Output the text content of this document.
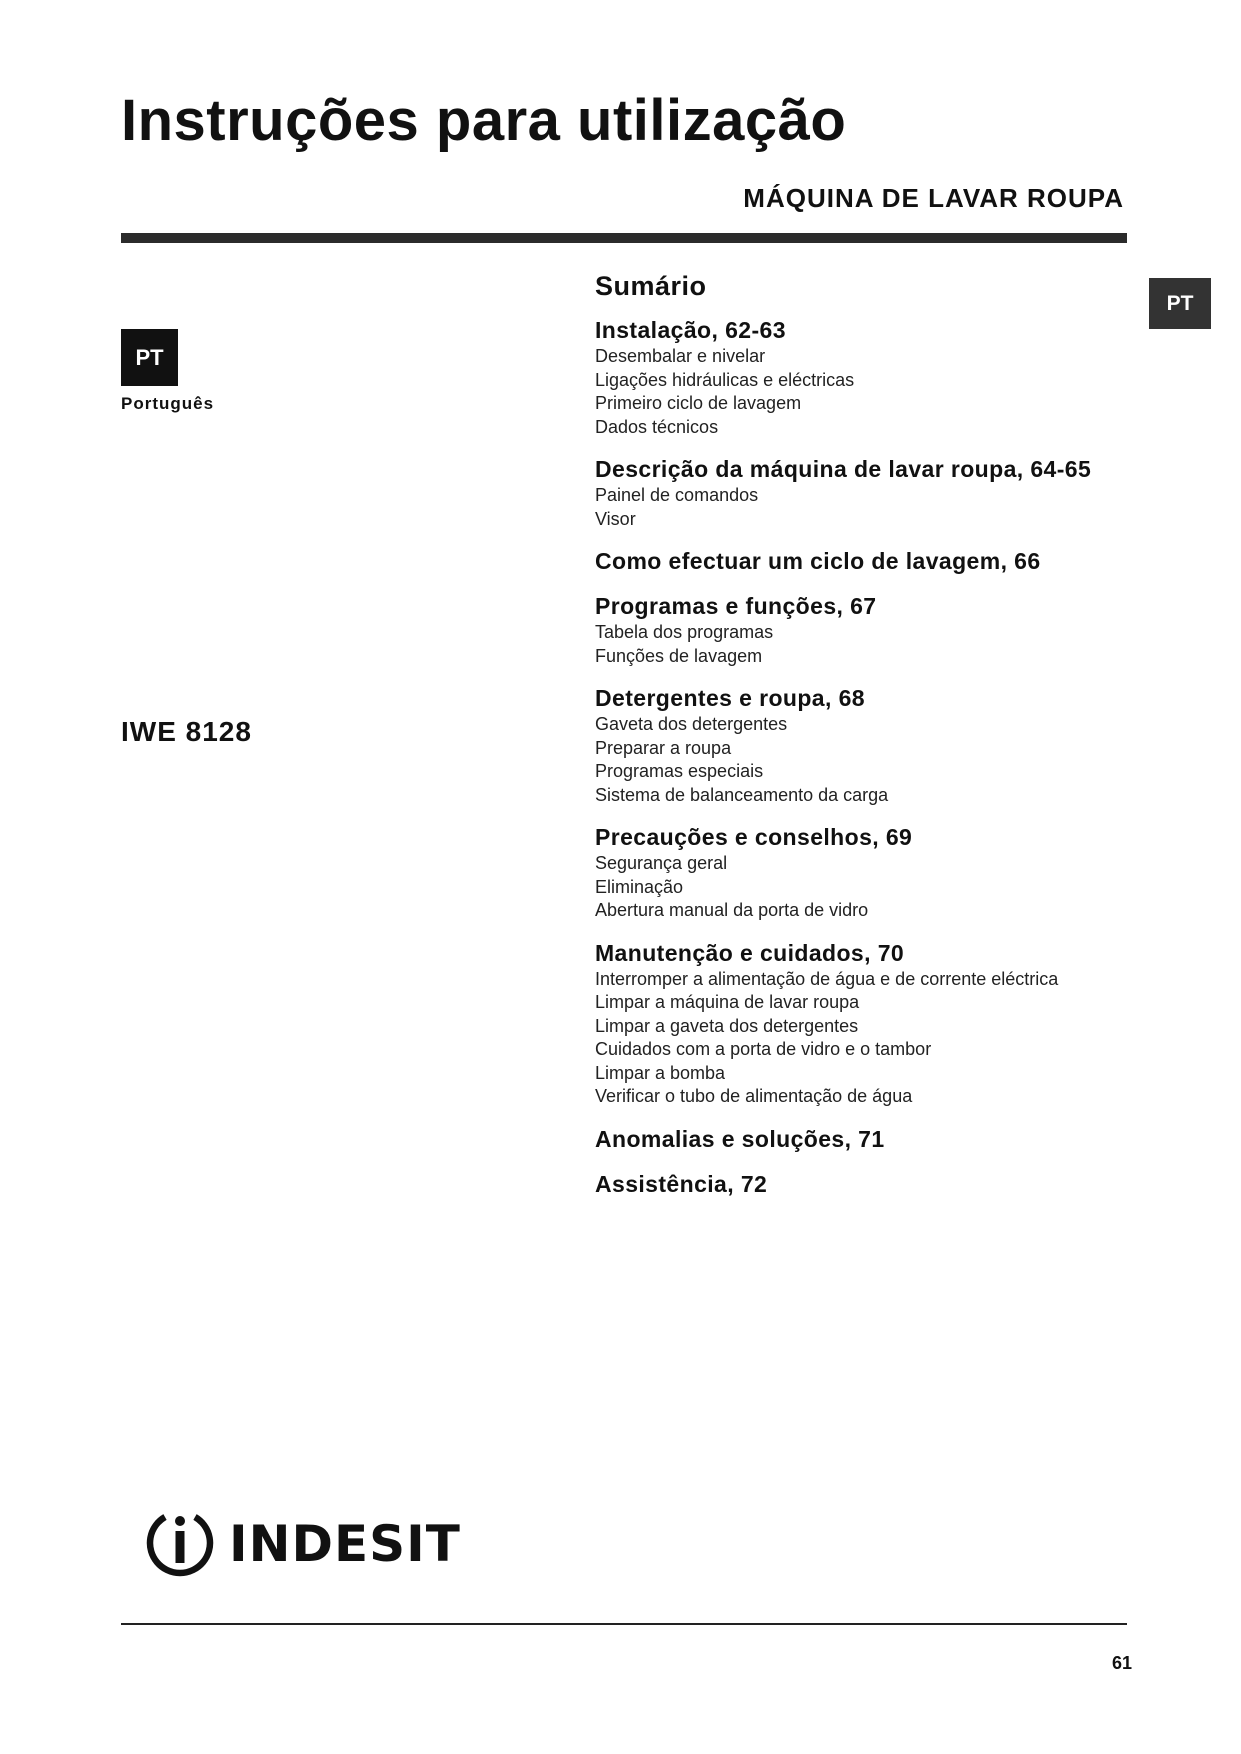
Instruções para utilização
MÁQUINA DE LAVAR ROUPA
PT
PT
Português
IWE 8128
Sumário
Instalação, 62-63
Desembalar e nivelar
Ligações hidráulicas e eléctricas
Primeiro ciclo de lavagem
Dados técnicos
Descrição da máquina de lavar roupa, 64-65
Painel de comandos
Visor
Como efectuar um ciclo de lavagem, 66
Programas e funções, 67
Tabela dos programas
Funções de lavagem
Detergentes e roupa, 68
Gaveta dos detergentes
Preparar a roupa
Programas especiais
Sistema de balanceamento da carga
Precauções e conselhos, 69
Segurança geral
Eliminação
Abertura manual da porta de vidro
Manutenção e cuidados, 70
Interromper a alimentação de água e de corrente eléctrica
Limpar a máquina de lavar roupa
Limpar a gaveta dos detergentes
Cuidados com a porta de vidro e o tambor
Limpar a bomba
Verificar o tubo de alimentação de água
Anomalias e soluções, 71
Assistência, 72
INDESIT
61
